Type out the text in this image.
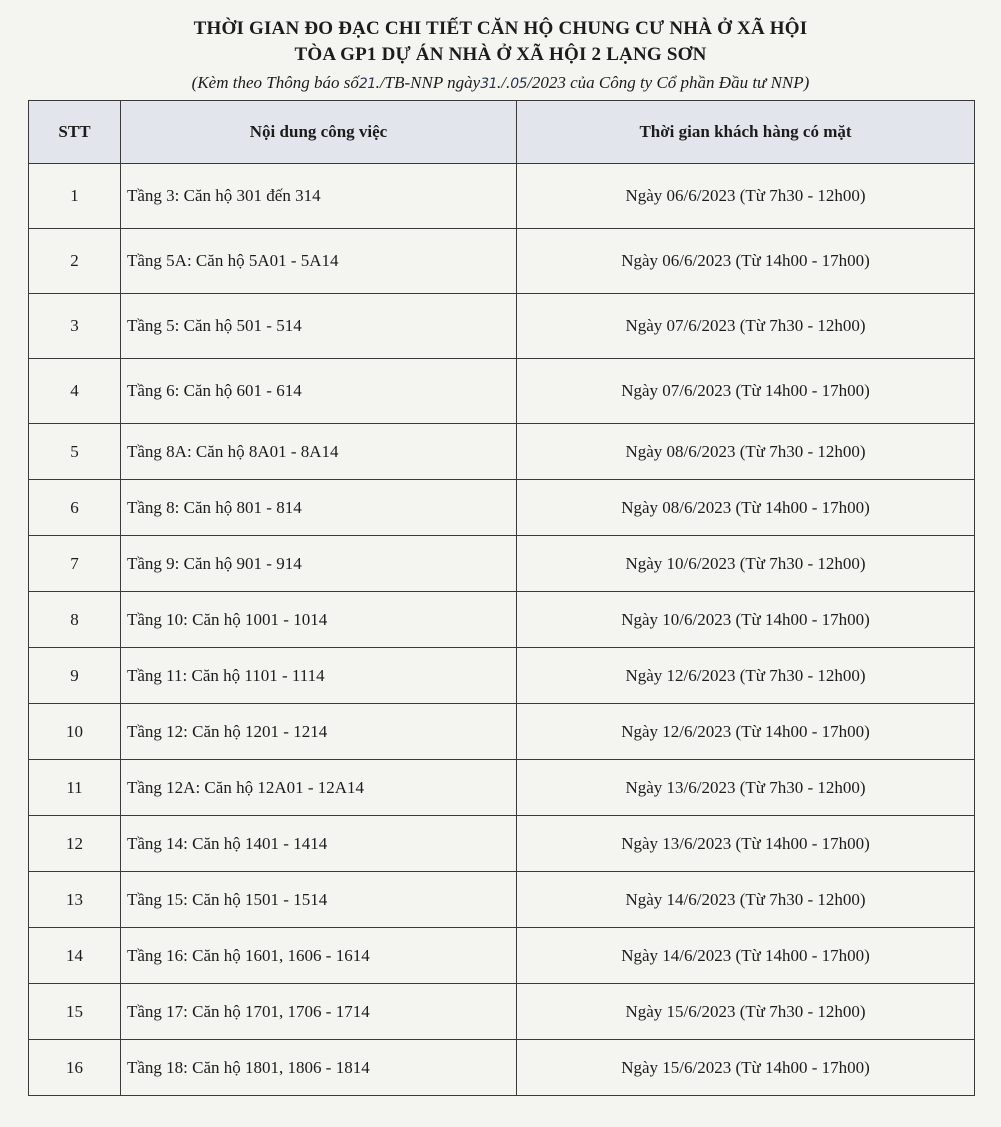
THỜI GIAN ĐO ĐẠC CHI TIẾT CĂN HỘ CHUNG CƯ NHÀ Ở XÃ HỘI
TÒA GP1 DỰ ÁN NHÀ Ở XÃ HỘI 2 LẠNG SƠN
(Kèm theo Thông báo số21./TB-NNP ngày31./.05/2023 của Công ty Cổ phần Đầu tư NNP)
STT	Nội dung công việc	Thời gian khách hàng có mặt
1	Tầng 3: Căn hộ 301 đến 314	Ngày 06/6/2023 (Từ 7h30 - 12h00)
2	Tầng 5A: Căn hộ 5A01 - 5A14	Ngày 06/6/2023 (Từ 14h00 - 17h00)
3	Tầng 5: Căn hộ 501 - 514	Ngày 07/6/2023 (Từ 7h30 - 12h00)
4	Tầng 6: Căn hộ 601 - 614	Ngày 07/6/2023 (Từ 14h00 - 17h00)
5	Tầng 8A: Căn hộ 8A01 - 8A14	Ngày 08/6/2023 (Từ 7h30 - 12h00)
6	Tầng 8: Căn hộ 801 - 814	Ngày 08/6/2023 (Từ 14h00 - 17h00)
7	Tầng 9: Căn hộ 901 - 914	Ngày 10/6/2023 (Từ 7h30 - 12h00)
8	Tầng 10: Căn hộ 1001 - 1014	Ngày 10/6/2023 (Từ 14h00 - 17h00)
9	Tầng 11: Căn hộ 1101 - 1114	Ngày 12/6/2023 (Từ 7h30 - 12h00)
10	Tầng 12: Căn hộ 1201 - 1214	Ngày 12/6/2023 (Từ 14h00 - 17h00)
11	Tầng 12A: Căn hộ 12A01 - 12A14	Ngày 13/6/2023 (Từ 7h30 - 12h00)
12	Tầng 14: Căn hộ 1401 - 1414	Ngày 13/6/2023 (Từ 14h00 - 17h00)
13	Tầng 15: Căn hộ 1501 - 1514	Ngày 14/6/2023 (Từ 7h30 - 12h00)
14	Tầng 16: Căn hộ 1601, 1606 - 1614	Ngày 14/6/2023 (Từ 14h00 - 17h00)
15	Tầng 17: Căn hộ 1701, 1706 - 1714	Ngày 15/6/2023 (Từ 7h30 - 12h00)
16	Tầng 18: Căn hộ 1801, 1806 - 1814	Ngày 15/6/2023 (Từ 14h00 - 17h00)
